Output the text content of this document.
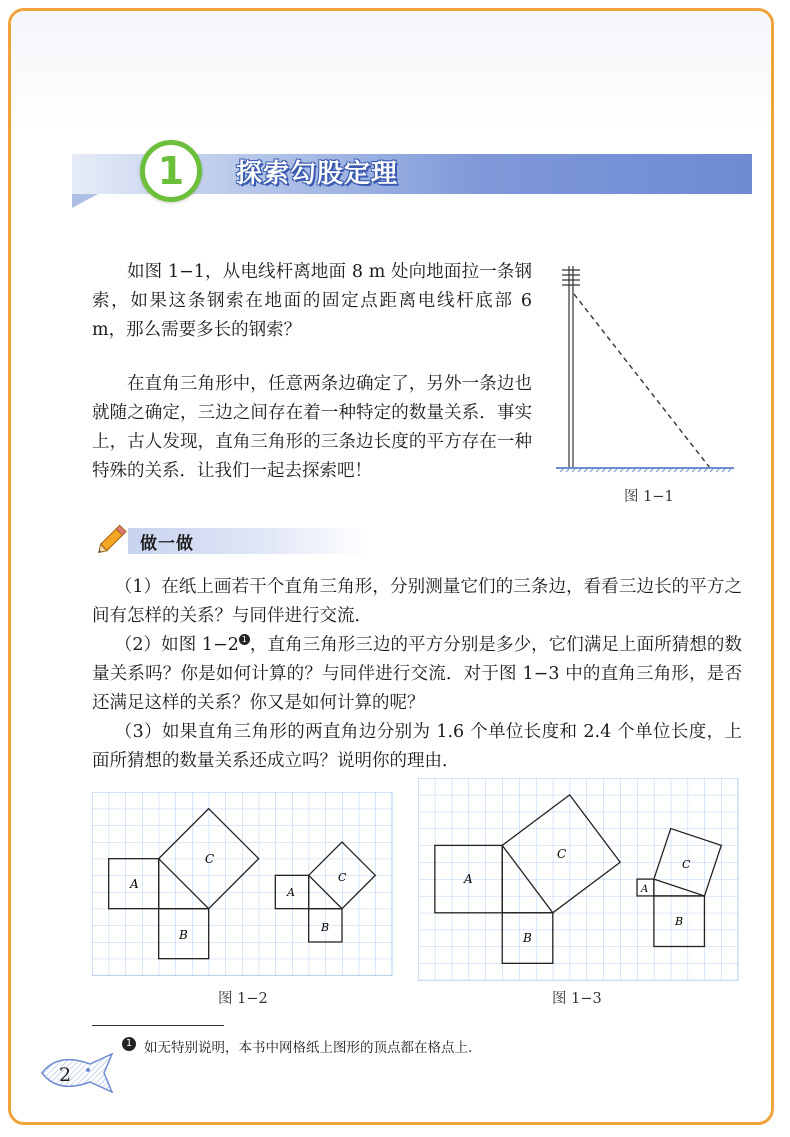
1 探索勾股定理

如图 1−1，从电线杆离地面 8 m 处向地面拉一条钢索，如果这条钢索在地面的固定点距离电线杆底部 6 m，那么需要多长的钢索？

在直角三角形中，任意两条边确定了，另外一条边也就随之确定，三边之间存在着一种特定的数量关系．事实上，古人发现，直角三角形的三条边长度的平方存在一种特殊的关系．让我们一起去探索吧！

图 1−1
做一做

（1）在纸上画若干个直角三角形，分别测量它们的三条边，看看三边长的平方之间有怎样的关系？与同伴进行交流．

（2）如图 1−2 1 ，直角三角形三边的平方分别是多少，它们满足上面所猜想的数量关系吗？你是如何计算的？与同伴进行交流．对于图 1−3 中的直角三角形，是否还满足这样的关系？你又是如何计算的呢？

（3）如果直角三角形的两直角边分别为 1.6 个单位长度和 2.4 个单位长度，上面所猜想的数量关系还成立吗？说明你的理由．

A
B
C
A
B
C
图 1−2
A
B
C
A
B
C
图 1−3
1 如无特别说明，本书中网格纸上图形的顶点都在格点上．
2
